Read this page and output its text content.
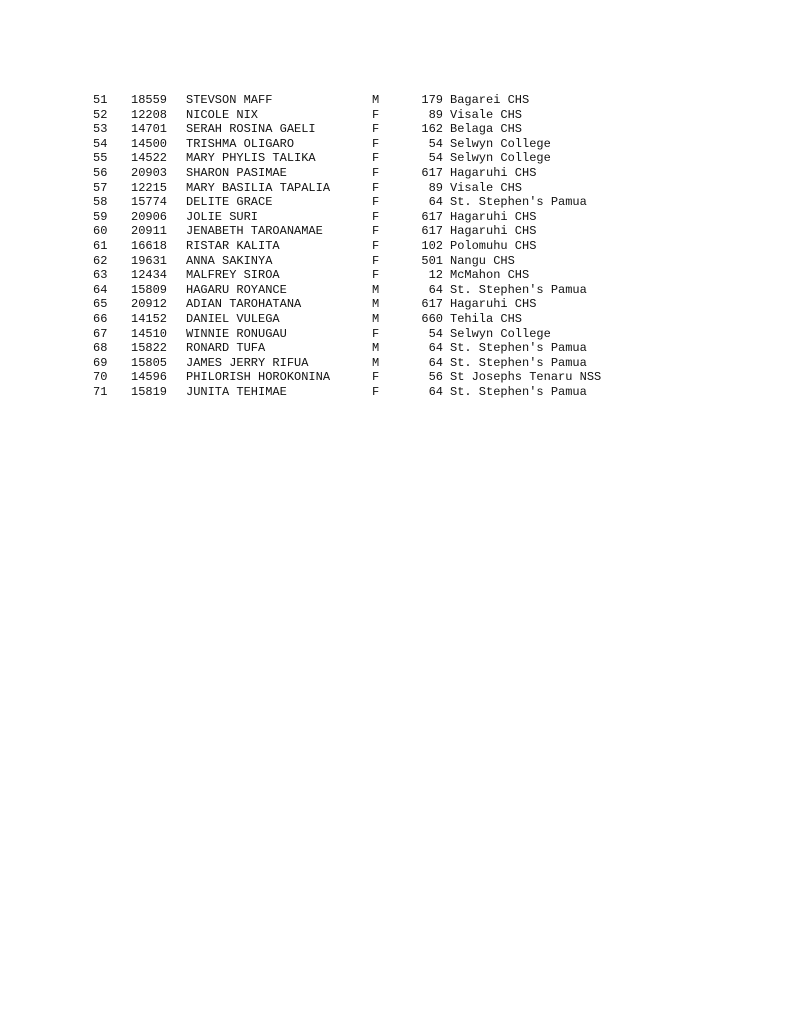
51 18559 STEVSON MAFF	M	179 Bagarei CHS
52 12208 NICOLE NIX	F	89 Visale CHS
53 14701 SERAH ROSINA GAELI	F	162 Belaga CHS
54 14500 TRISHMA OLIGARO	F	54 Selwyn College
55 14522 MARY PHYLIS TALIKA	F	54 Selwyn College
56 20903 SHARON PASIMAE	F	617 Hagaruhi CHS
57 12215 MARY BASILIA TAPALIA	F	89 Visale CHS
58 15774 DELITE GRACE	F	64 St. Stephen's Pamua
59 20906 JOLIE SURI	F	617 Hagaruhi CHS
60 20911 JENABETH TAROANAMAE	F	617 Hagaruhi CHS
61 16618 RISTAR KALITA	F	102 Polomuhu CHS
62 19631 ANNA SAKINYA	F	501 Nangu CHS
63 12434 MALFREY SIROA	F	12 McMahon CHS
64 15809 HAGARU ROYANCE	M	64 St. Stephen's Pamua
65 20912 ADIAN TAROHATANA	M	617 Hagaruhi CHS
66 14152 DANIEL VULEGA	M	660 Tehila CHS
67 14510 WINNIE RONUGAU	F	54 Selwyn College
68 15822 RONARD TUFA	M	64 St. Stephen's Pamua
69 15805 JAMES JERRY RIFUA	M	64 St. Stephen's Pamua
70 14596 PHILORISH HOROKONINA	F	56 St Josephs Tenaru NSS
71 15819 JUNITA TEHIMAE	F	64 St. Stephen's Pamua
